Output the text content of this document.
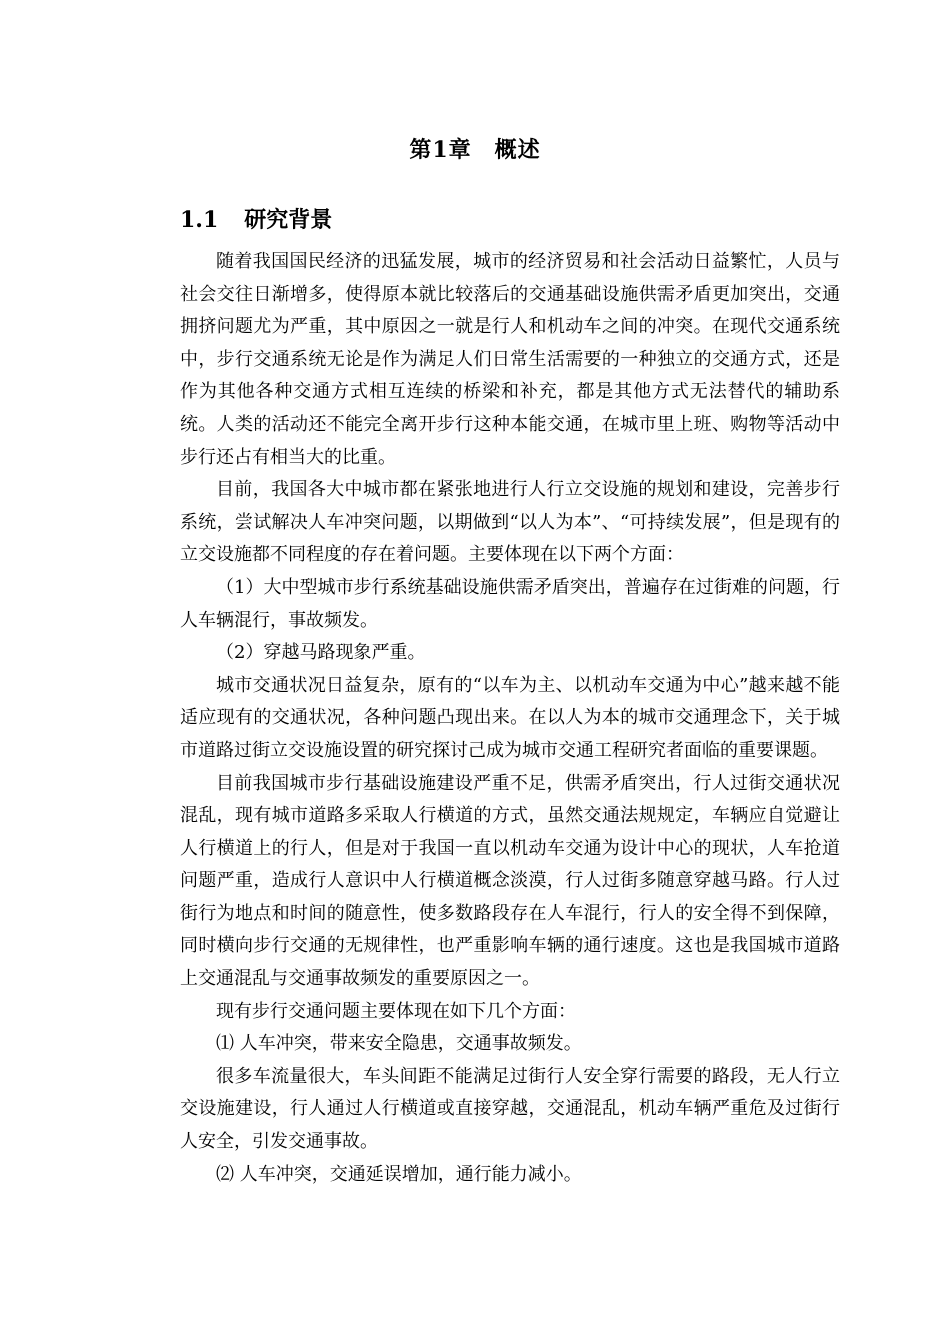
第1章　概述
1.1 研究背景

随着我国国民经济的迅猛发展，城市的经济贸易和社会活动日益繁忙，人员与社会交往日渐增多，使得原本就比较落后的交通基础设施供需矛盾更加突出，交通拥挤问题尤为严重，其中原因之一就是行人和机动车之间的冲突。在现代交通系统中，步行交通系统无论是作为满足人们日常生活需要的一种独立的交通方式，还是作为其他各种交通方式相互连续的桥梁和补充，都是其他方式无法替代的辅助系统。人类的活动还不能完全离开步行这种本能交通，在城市里上班、购物等活动中步行还占有相当大的比重。

目前，我国各大中城市都在紧张地进行人行立交设施的规划和建设，完善步行系统，尝试解决人车冲突问题，以期做到“以人为本”、“可持续发展”，但是现有的立交设施都不同程度的存在着问题。主要体现在以下两个方面：

（1）大中型城市步行系统基础设施供需矛盾突出，普遍存在过街难的问题，行人车辆混行，事故频发。

（2）穿越马路现象严重。

城市交通状况日益复杂，原有的“以车为主、以机动车交通为中心”越来越不能适应现有的交通状况，各种问题凸现出来。在以人为本的城市交通理念下，关于城市道路过街立交设施设置的研究探讨己成为城市交通工程研究者面临的重要课题。

目前我国城市步行基础设施建设严重不足，供需矛盾突出，行人过街交通状况混乱，现有城市道路多采取人行横道的方式，虽然交通法规规定，车辆应自觉避让人行横道上的行人，但是对于我国一直以机动车交通为设计中心的现状，人车抢道问题严重，造成行人意识中人行横道概念淡漠，行人过街多随意穿越马路。行人过街行为地点和时间的随意性，使多数路段存在人车混行，行人的安全得不到保障，同时横向步行交通的无规律性，也严重影响车辆的通行速度。这也是我国城市道路上交通混乱与交通事故频发的重要原因之一。

现有步行交通问题主要体现在如下几个方面：

⑴ 人车冲突，带来安全隐患，交通事故频发。

很多车流量很大，车头间距不能满足过街行人安全穿行需要的路段，无人行立交设施建设，行人通过人行横道或直接穿越，交通混乱，机动车辆严重危及过街行人安全，引发交通事故。

⑵ 人车冲突，交通延误增加，通行能力减小。
